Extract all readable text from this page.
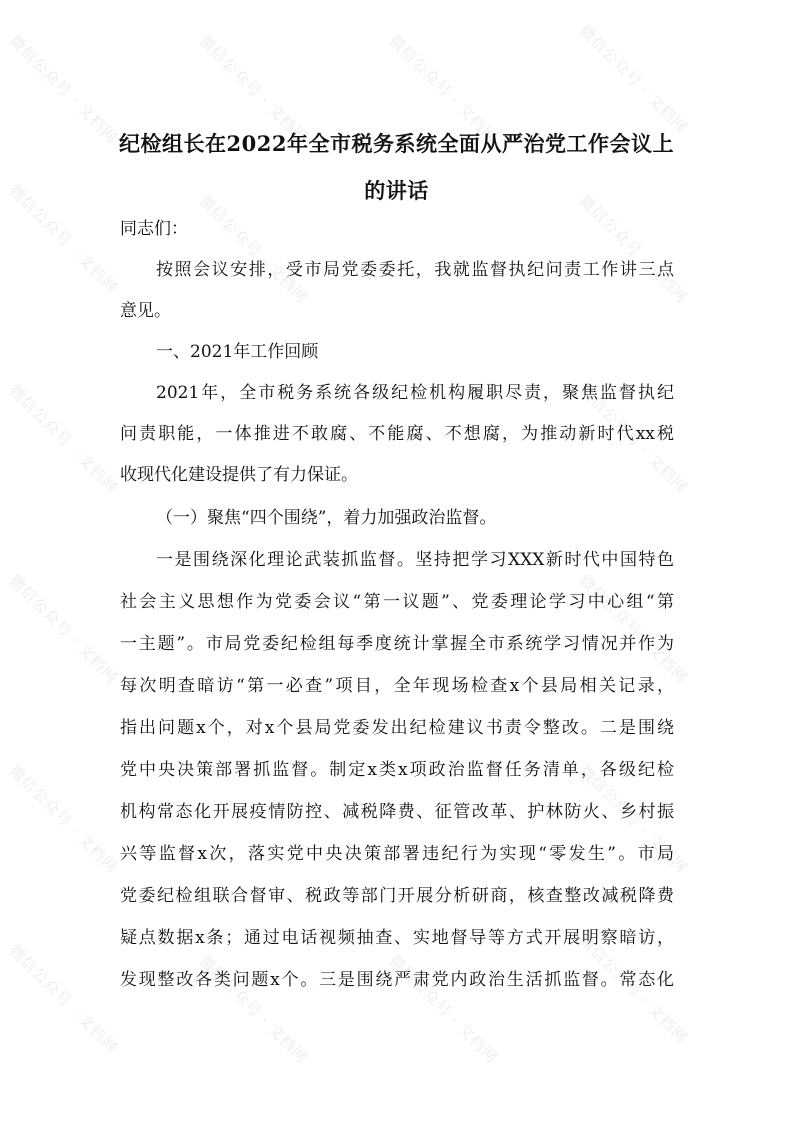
微信公众号 · 文档网	微信公众号 · 文档网	微信公众号 · 文档网	微信公众号 · 文档网
微信公众号 · 文档网	微信公众号 · 文档网	微信公众号 · 文档网
微信公众号 · 文档网	微信公众号 · 文档网
微信公众号 · 文档网	微信公众号 · 文档网
微信公众号 · 文档网	微信公众号 · 文档网
微信公众号 · 文档网	微信公众号 · 文档网	微信公众号 · 文档网	微信公众号 · 文档网
纪检组长在2022年全市税务系统全面从严治党工作会议上
的讲话

同志们：

按照会议安排，受市局党委委托，我就监督执纪问责工作讲三点

意见。

一、2021年工作回顾

2021年，全市税务系统各级纪检机构履职尽责，聚焦监督执纪

问责职能，一体推进不敢腐、不能腐、不想腐，为推动新时代xx税

收现代化建设提供了有力保证。

（一）聚焦“四个围绕”，着力加强政治监督。

一是围绕深化理论武装抓监督。坚持把学习XXX新时代中国特色

社会主义思想作为党委会议“第一议题”、党委理论学习中心组“第

一主题”。市局党委纪检组每季度统计掌握全市系统学习情况并作为

每次明查暗访“第一必查”项目，全年现场检查x个县局相关记录，

指出问题x个，对x个县局党委发出纪检建议书责令整改。二是围绕

党中央决策部署抓监督。制定x类x项政治监督任务清单，各级纪检

机构常态化开展疫情防控、减税降费、征管改革、护林防火、乡村振

兴等监督x次，落实党中央决策部署违纪行为实现“零发生”。市局

党委纪检组联合督审、税政等部门开展分析研商，核查整改减税降费

疑点数据x条；通过电话视频抽查、实地督导等方式开展明察暗访，

发现整改各类问题x个。三是围绕严肃党内政治生活抓监督。常态化
